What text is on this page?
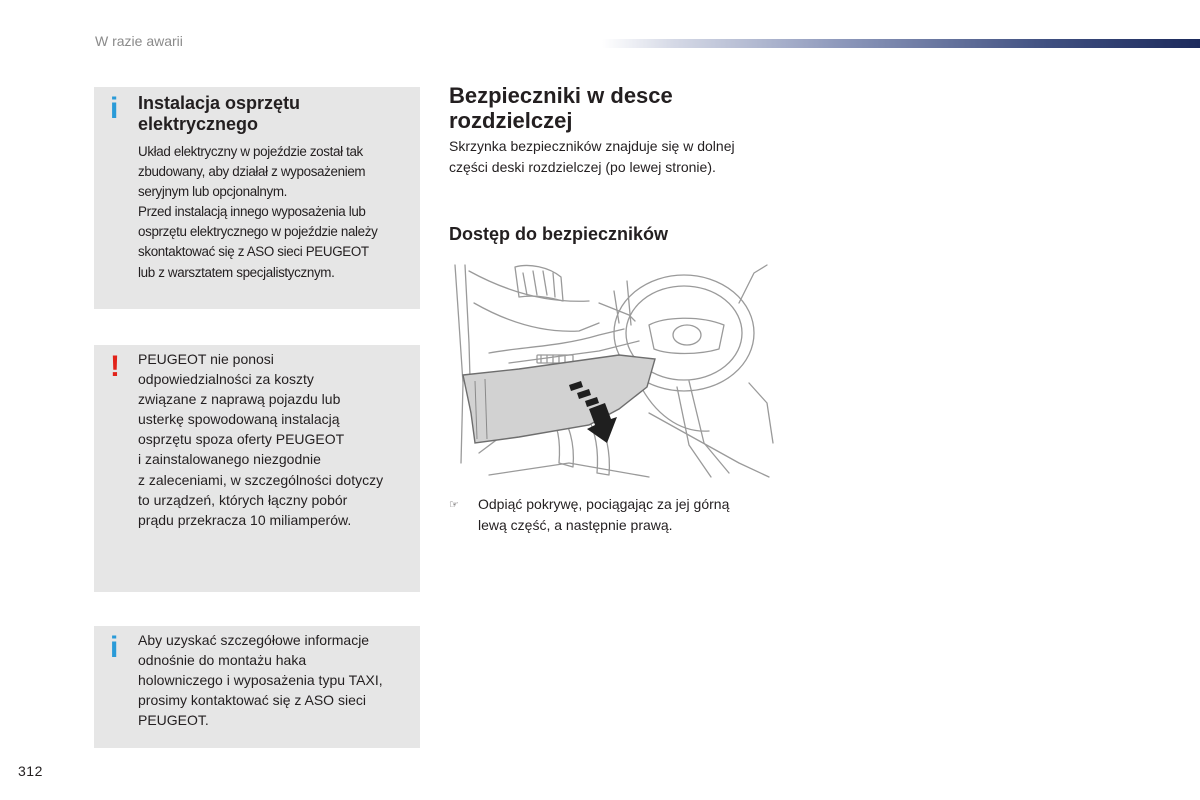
W razie awarii
i Instalacja osprzętu
elektrycznego
Układ elektryczny w pojeździe został tak
zbudowany, aby działał z wyposażeniem
seryjnym lub opcjonalnym.
Przed instalacją innego wyposażenia lub
osprzętu elektrycznego w pojeździe należy
skontaktować się z ASO sieci PEUGEOT
lub z warsztatem specjalistycznym.
! PEUGEOT nie ponosi
odpowiedzialności za koszty
związane z naprawą pojazdu lub
usterkę spowodowaną instalacją
osprzętu spoza oferty PEUGEOT
i zainstalowanego niezgodnie
z zaleceniami, w szczególności dotyczy
to urządzeń, których łączny pobór
prądu przekracza 10 miliamperów.
i Aby uzyskać szczegółowe informacje
odnośnie do montażu haka
holowniczego i wyposażenia typu TAXI,
prosimy kontaktować się z ASO sieci
PEUGEOT.
312
Bezpieczniki w desce
rozdzielczej
Skrzynka bezpieczników znajduje się w dolnej
części deski rozdzielczej (po lewej stronie).
Dostęp do bezpieczników
☞ Odpiąć pokrywę, pociągając za jej górną
lewą część, a następnie prawą.
